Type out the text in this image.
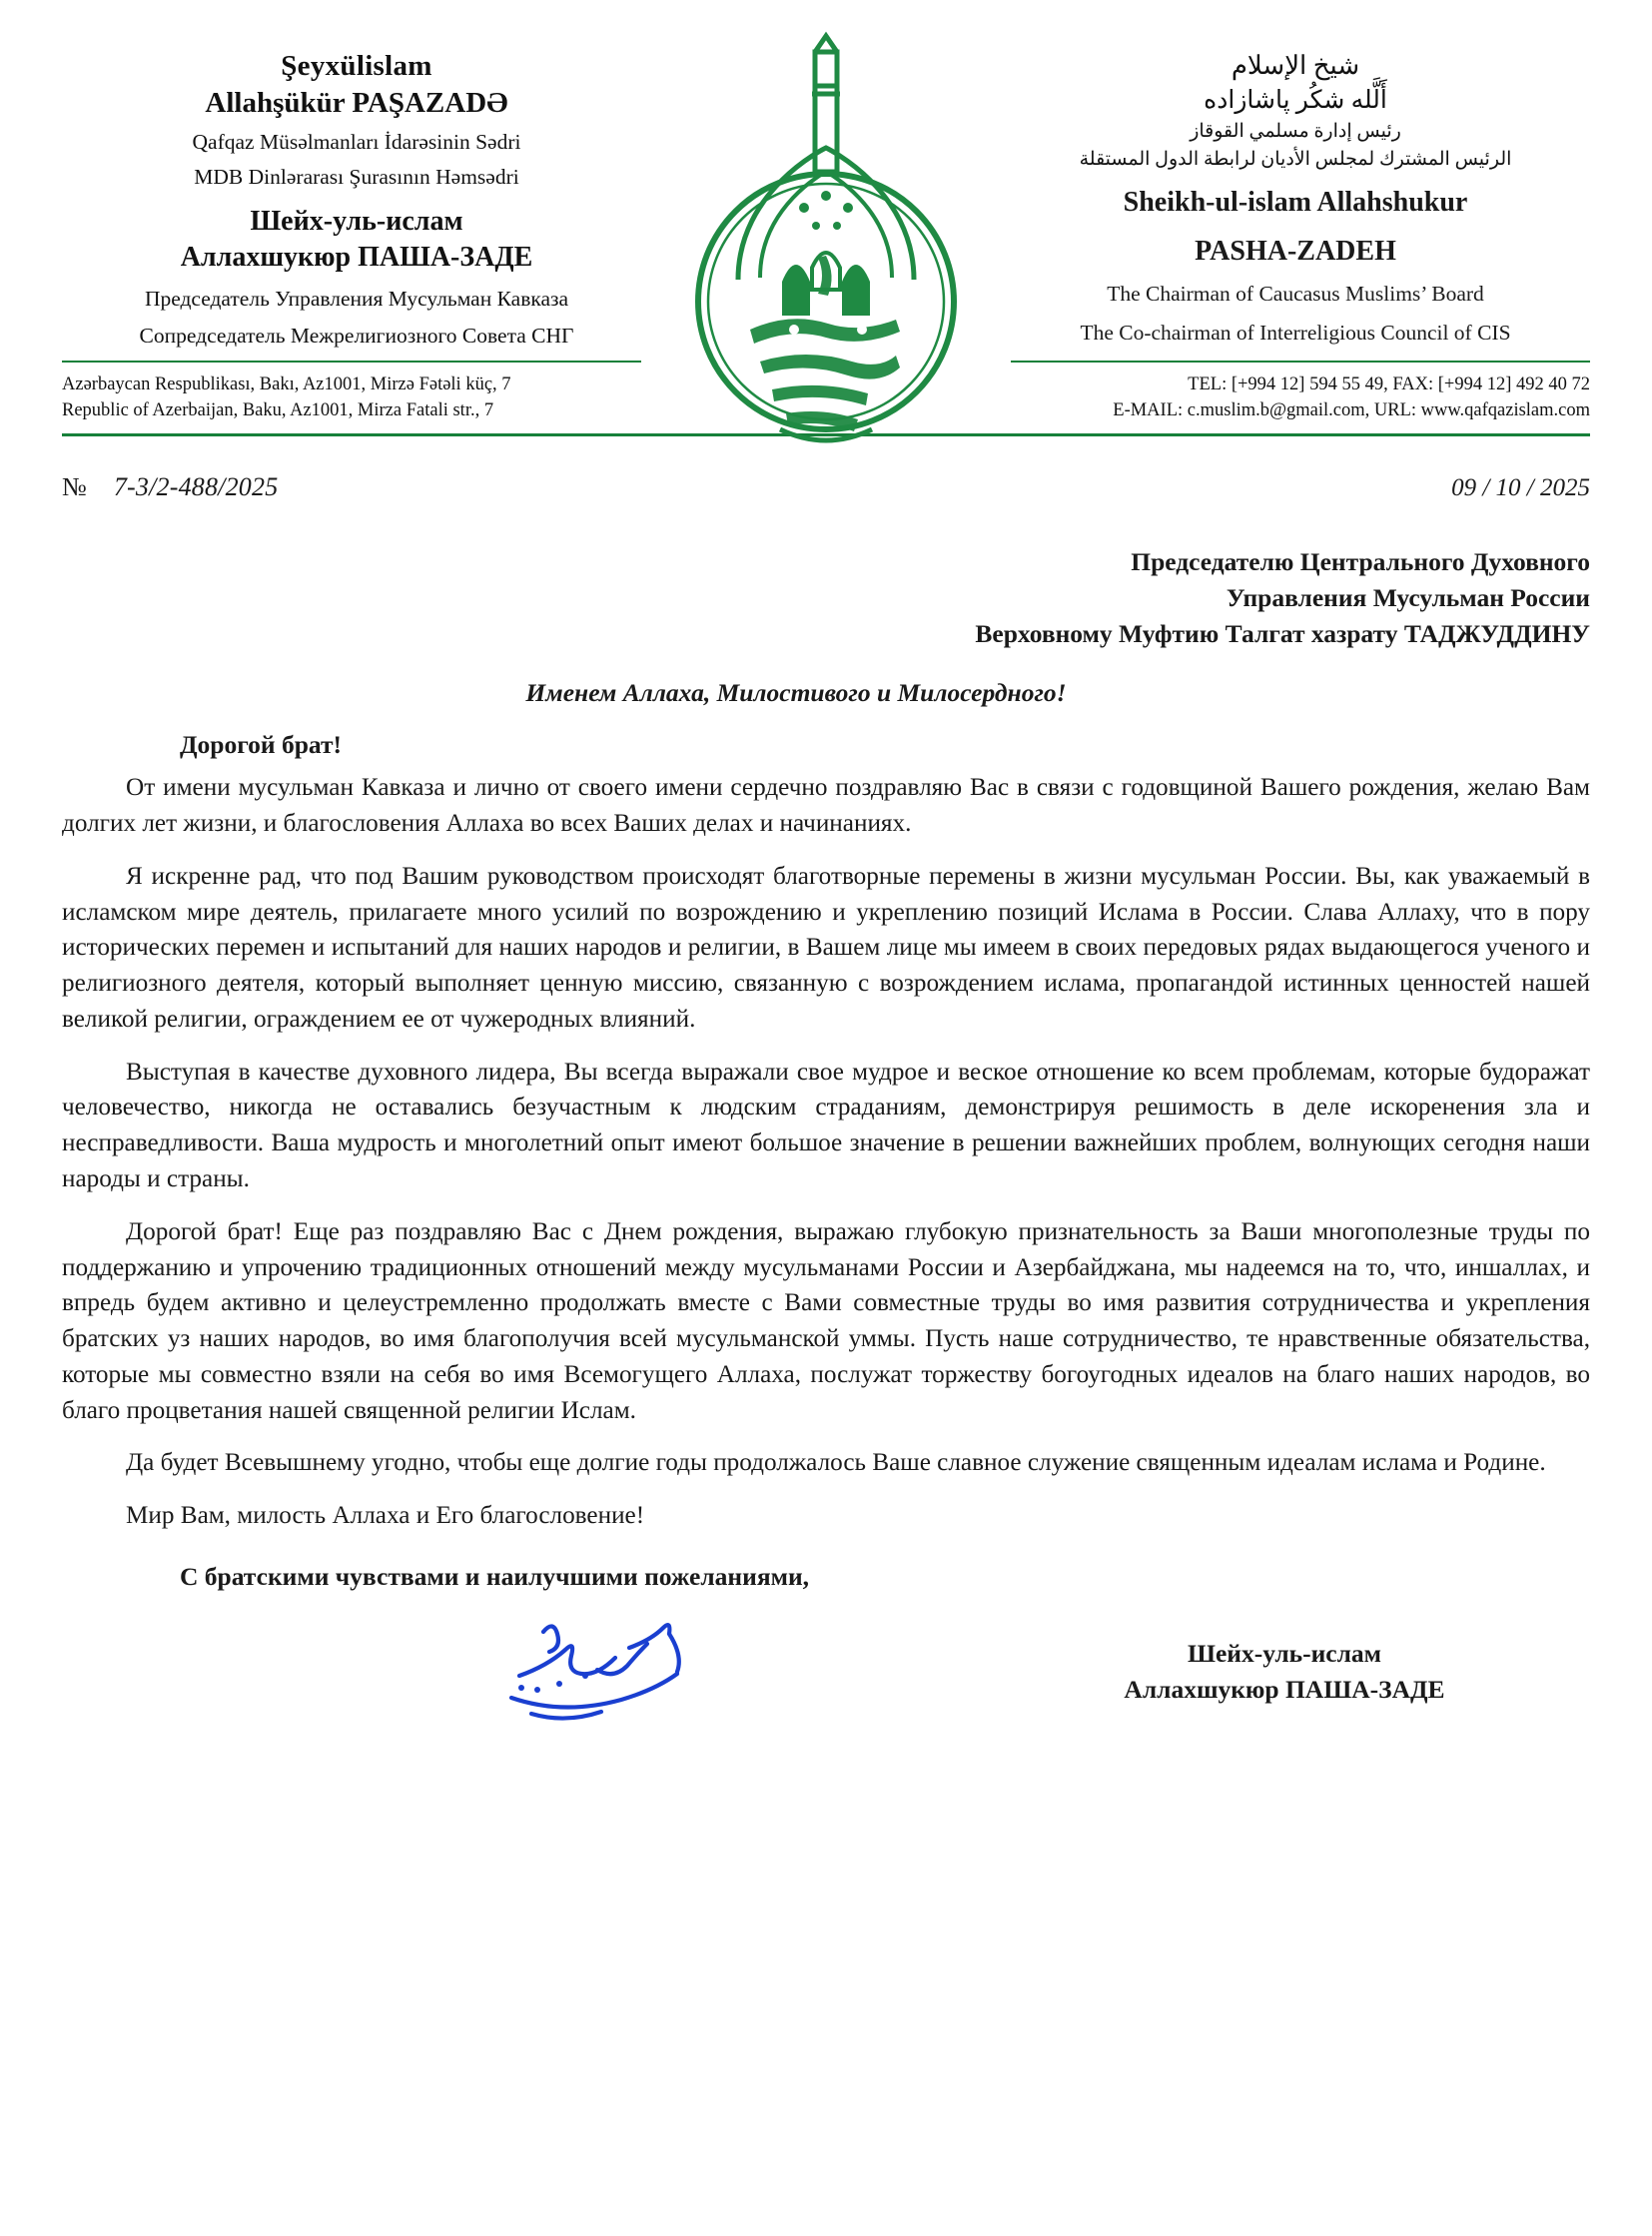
Şeyxülislam
Allahşükür PAŞAZADƏ
Qafqaz Müsəlmanları İdarəsinin Sədri
MDB Dinlərarası Şurasının Həmsədri
Шейх-уль-ислам
Аллахшукюр ПАША-ЗАДЕ
Председатель Управления Мусульман Кавказа
Сопредседатель Межрелигиозного Совета СНГ
شيخ الإسلام
أَلَّله شكُر پاشازاده
رئيس إدارة مسلمي القوقاز
الرئيس المشترك لمجلس الأديان لرابطة الدول المستقلة
Sheikh-ul-islam Allahshukur
PASHA-ZADEH
The Chairman of Caucasus Muslims’ Board
The Co-chairman of Interreligious Council of CIS
Azərbaycan Respublikası, Bakı, Az1001, Mirzə Fətəli küç, 7
Republic of Azerbaijan, Baku, Az1001, Mirza Fatali str., 7
TEL: [+994 12] 594 55 49, FAX: [+994 12] 492 40 72
E-MAIL: c.muslim.b@gmail.com, URL: www.qafqazislam.com
№ 7-3/2-488/2025	09 / 10 / 2025
Председателю Центрального Духовного
Управления Мусульман России
Верховному Муфтию Талгат хазрату ТАДЖУДДИНУ
Именем Аллаха, Милостивого и Милосердного!
Дорогой брат!

От имени мусульман Кавказа и лично от своего имени сердечно поздравляю Вас в связи с годовщиной Вашего рождения, желаю Вам долгих лет жизни, и благословения Аллаха во всех Ваших делах и начинаниях.

Я искренне рад, что под Вашим руководством происходят благотворные перемены в жизни мусульман России. Вы, как уважаемый в исламском мире деятель, прилагаете много усилий по возрождению и укреплению позиций Ислама в России. Слава Аллаху, что в пору исторических перемен и испытаний для наших народов и религии, в Вашем лице мы имеем в своих передовых рядах выдающегося ученого и религиозного деятеля, который выполняет ценную миссию, связанную с возрождением ислама, пропагандой истинных ценностей нашей великой религии, ограждением ее от чужеродных влияний.

Выступая в качестве духовного лидера, Вы всегда выражали свое мудрое и веское отношение ко всем проблемам, которые будоражат человечество, никогда не оставались безучастным к людским страданиям, демонстрируя решимость в деле искоренения зла и несправедливости. Ваша мудрость и многолетний опыт имеют большое значение в решении важнейших проблем, волнующих сегодня наши народы и страны.

Дорогой брат! Еще раз поздравляю Вас с Днем рождения, выражаю глубокую признательность за Ваши многополезные труды по поддержанию и упрочению традиционных отношений между мусульманами России и Азербайджана, мы надеемся на то, что, иншаллах, и впредь будем активно и целеустремленно продолжать вместе с Вами совместные труды во имя развития сотрудничества и укрепления братских уз наших народов, во имя благополучия всей мусульманской уммы. Пусть наше сотрудничество, те нравственные обязательства, которые мы совместно взяли на себя во имя Всемогущего Аллаха, послужат торжеству богоугодных идеалов на благо наших народов, во благо процветания нашей священной религии Ислам.

Да будет Всевышнему угодно, чтобы еще долгие годы продолжалось Ваше славное служение священным идеалам ислама и Родине.

Мир Вам, милость Аллаха и Его благословение!

С братскими чувствами и наилучшими пожеланиями,
Шейх-уль-ислам
Аллахшукюр ПАША-ЗАДЕ
